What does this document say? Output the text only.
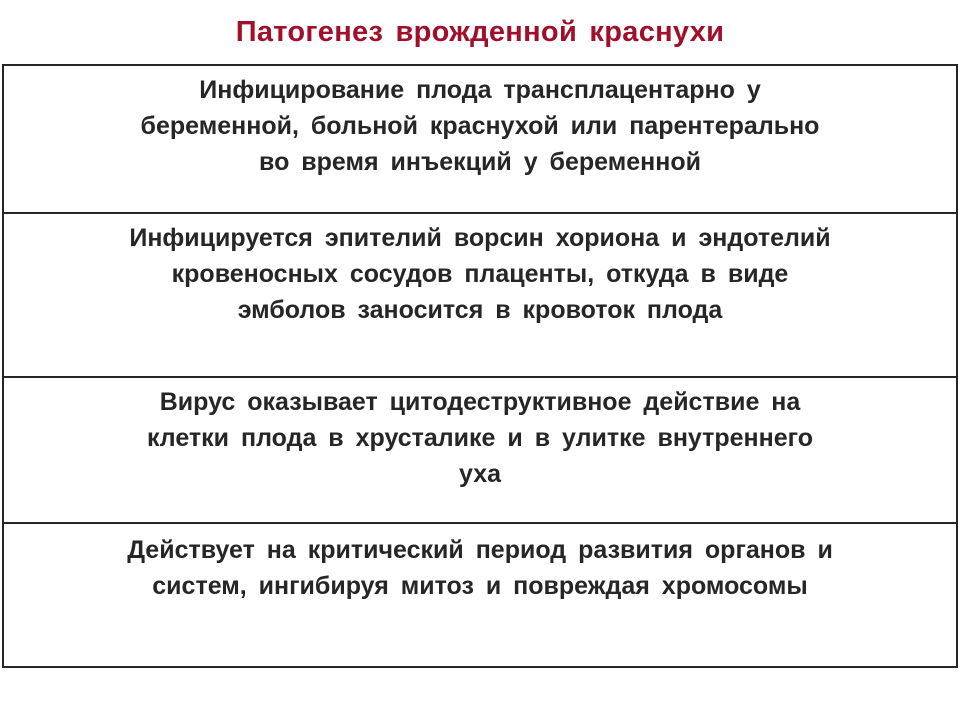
Патогенез врожденной краснухи
Инфицирование плода трансплацентарно у
беременной, больной краснухой или парентерально
во время инъекций у беременной
Инфицируется эпителий ворсин хориона и эндотелий
кровеносных сосудов плаценты, откуда в виде
эмболов заносится в кровоток плода
Вирус оказывает цитодеструктивное действие на
клетки плода в хрусталике и в улитке внутреннего
уха
Действует на критический период развития органов и
систем, ингибируя митоз и повреждая хромосомы
